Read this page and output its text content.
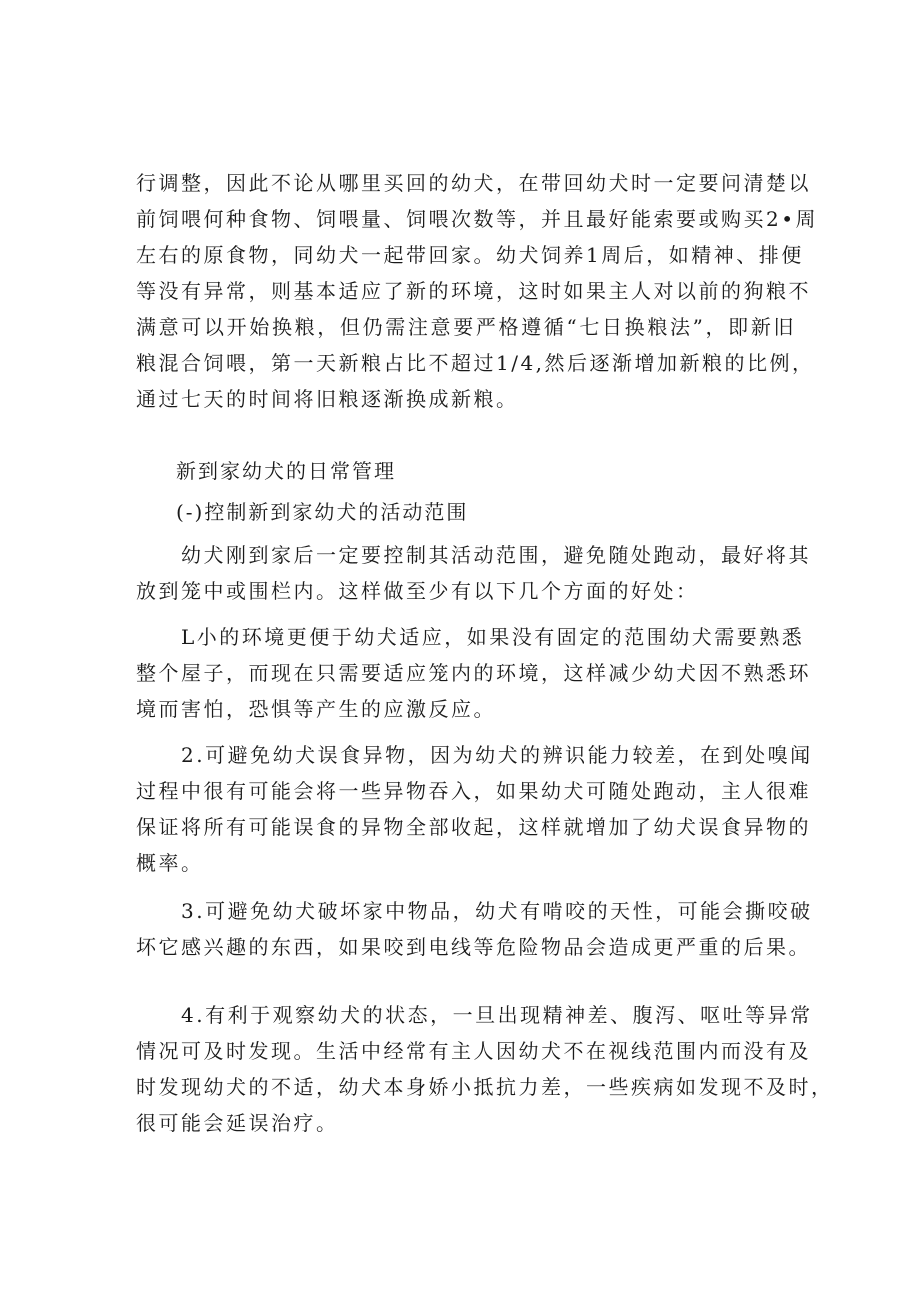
行调整，因此不论从哪里买回的幼犬，在带回幼犬时一定要问清楚以
前饲喂何种食物、饲喂量、饲喂次数等，并且最好能索要或购买2•周
左右的原食物，同幼犬一起带回家。幼犬饲养1周后，如精神、排便
等没有异常，则基本适应了新的环境，这时如果主人对以前的狗粮不
满意可以开始换粮，但仍需注意要严格遵循“七日换粮法”，即新旧
粮混合饲喂，第一天新粮占比不超过1/4,然后逐渐增加新粮的比例，
通过七天的时间将旧粮逐渐换成新粮。
新到家幼犬的日常管理
(-)控制新到家幼犬的活动范围
　　幼犬刚到家后一定要控制其活动范围，避免随处跑动，最好将其
放到笼中或围栏内。这样做至少有以下几个方面的好处：
　　L小的环境更便于幼犬适应，如果没有固定的范围幼犬需要熟悉
整个屋子，而现在只需要适应笼内的环境，这样减少幼犬因不熟悉环
境而害怕，恐惧等产生的应激反应。
　　2.可避免幼犬误食异物，因为幼犬的辨识能力较差，在到处嗅闻
过程中很有可能会将一些异物吞入，如果幼犬可随处跑动，主人很难
保证将所有可能误食的异物全部收起，这样就增加了幼犬误食异物的
概率。
　　3.可避免幼犬破坏家中物品，幼犬有啃咬的天性，可能会撕咬破
坏它感兴趣的东西，如果咬到电线等危险物品会造成更严重的后果。
　　4.有利于观察幼犬的状态，一旦出现精神差、腹泻、呕吐等异常
情况可及时发现。生活中经常有主人因幼犬不在视线范围内而没有及
时发现幼犬的不适，幼犬本身娇小抵抗力差，一些疾病如发现不及时，
很可能会延误治疗。
